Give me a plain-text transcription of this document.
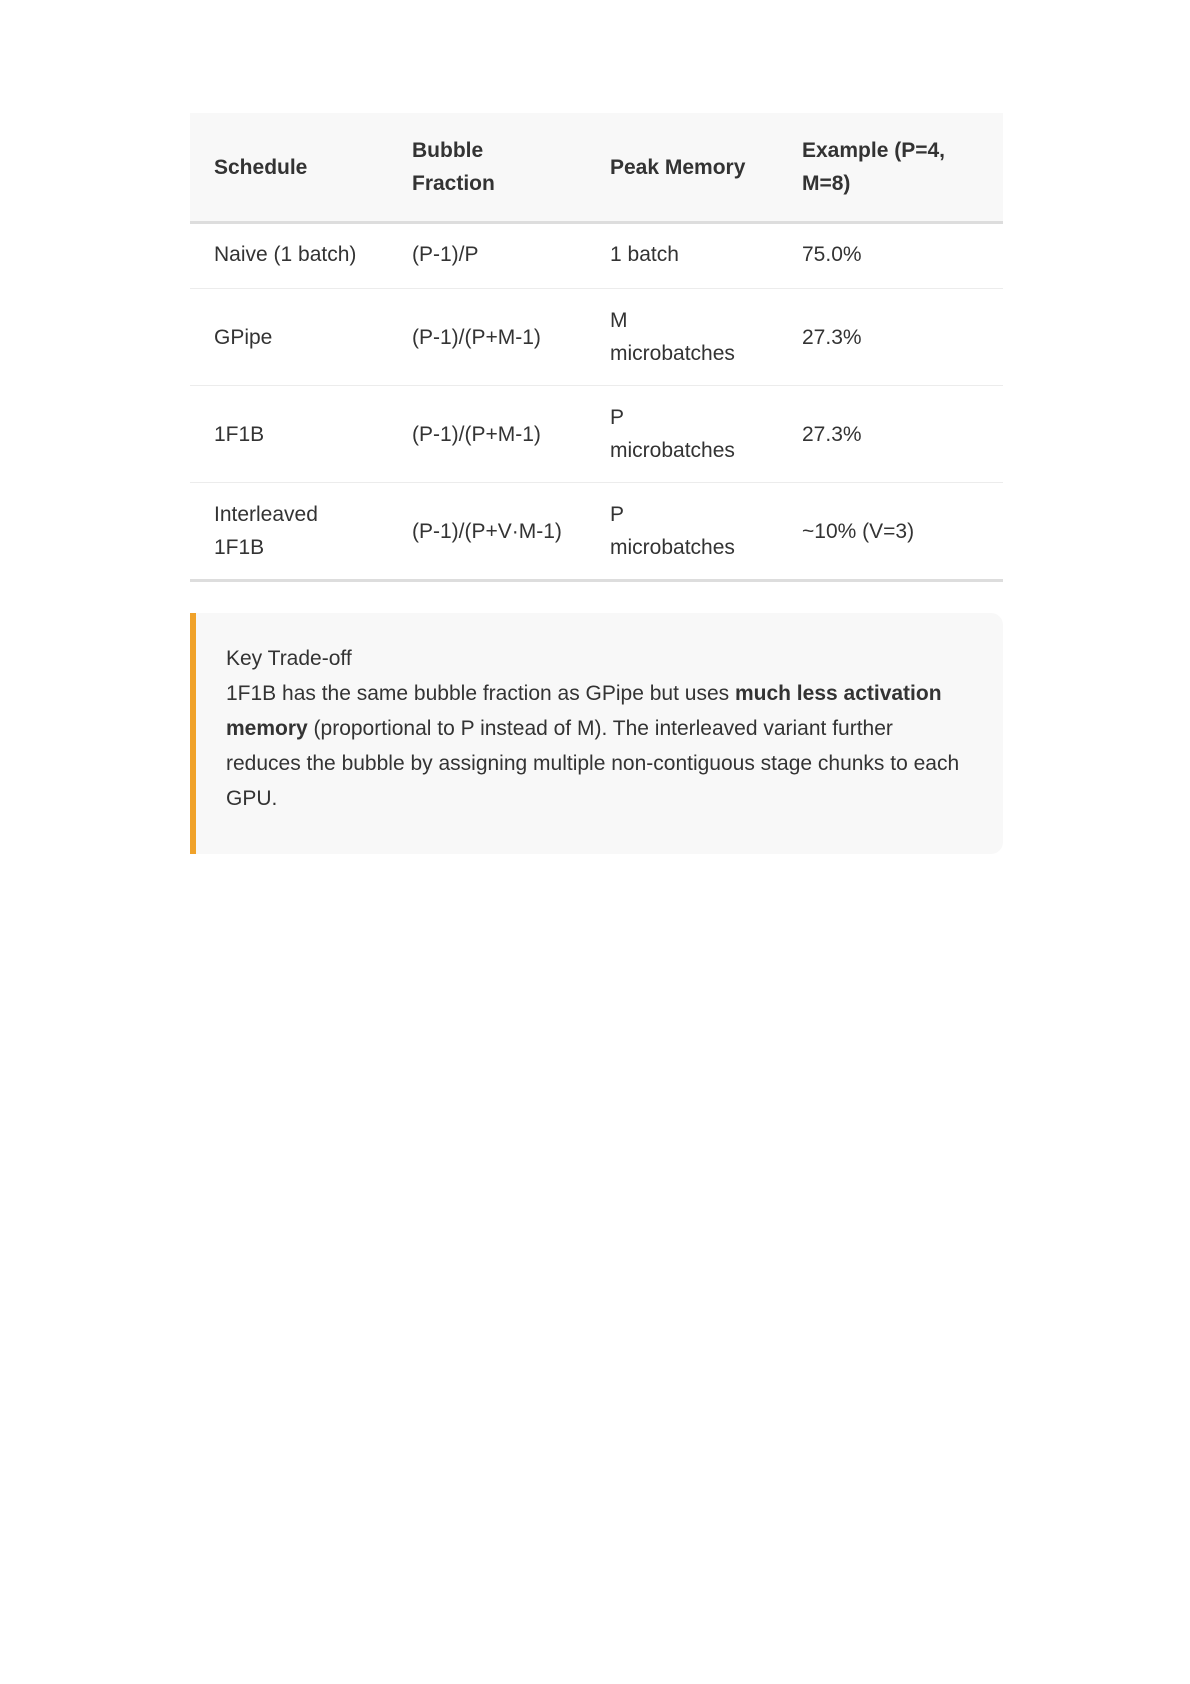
Schedule	Bubble Fraction	Peak Memory	Example (P=4, M=8)
Naive (1 batch)	(P-1)/P	1 batch	75.0%
GPipe	(P-1)/(P+M-1)	M microbatches	27.3%
1F1B	(P-1)/(P+M-1)	P microbatches	27.3%
Interleaved 1F1B	(P-1)/(P+V·M-1)	P microbatches	~10% (V=3)
Key Trade-off
1F1B has the same bubble fraction as GPipe but uses much less activation memory (proportional to P instead of M). The interleaved variant further reduces the bubble by assigning multiple non-contiguous stage chunks to each GPU.
